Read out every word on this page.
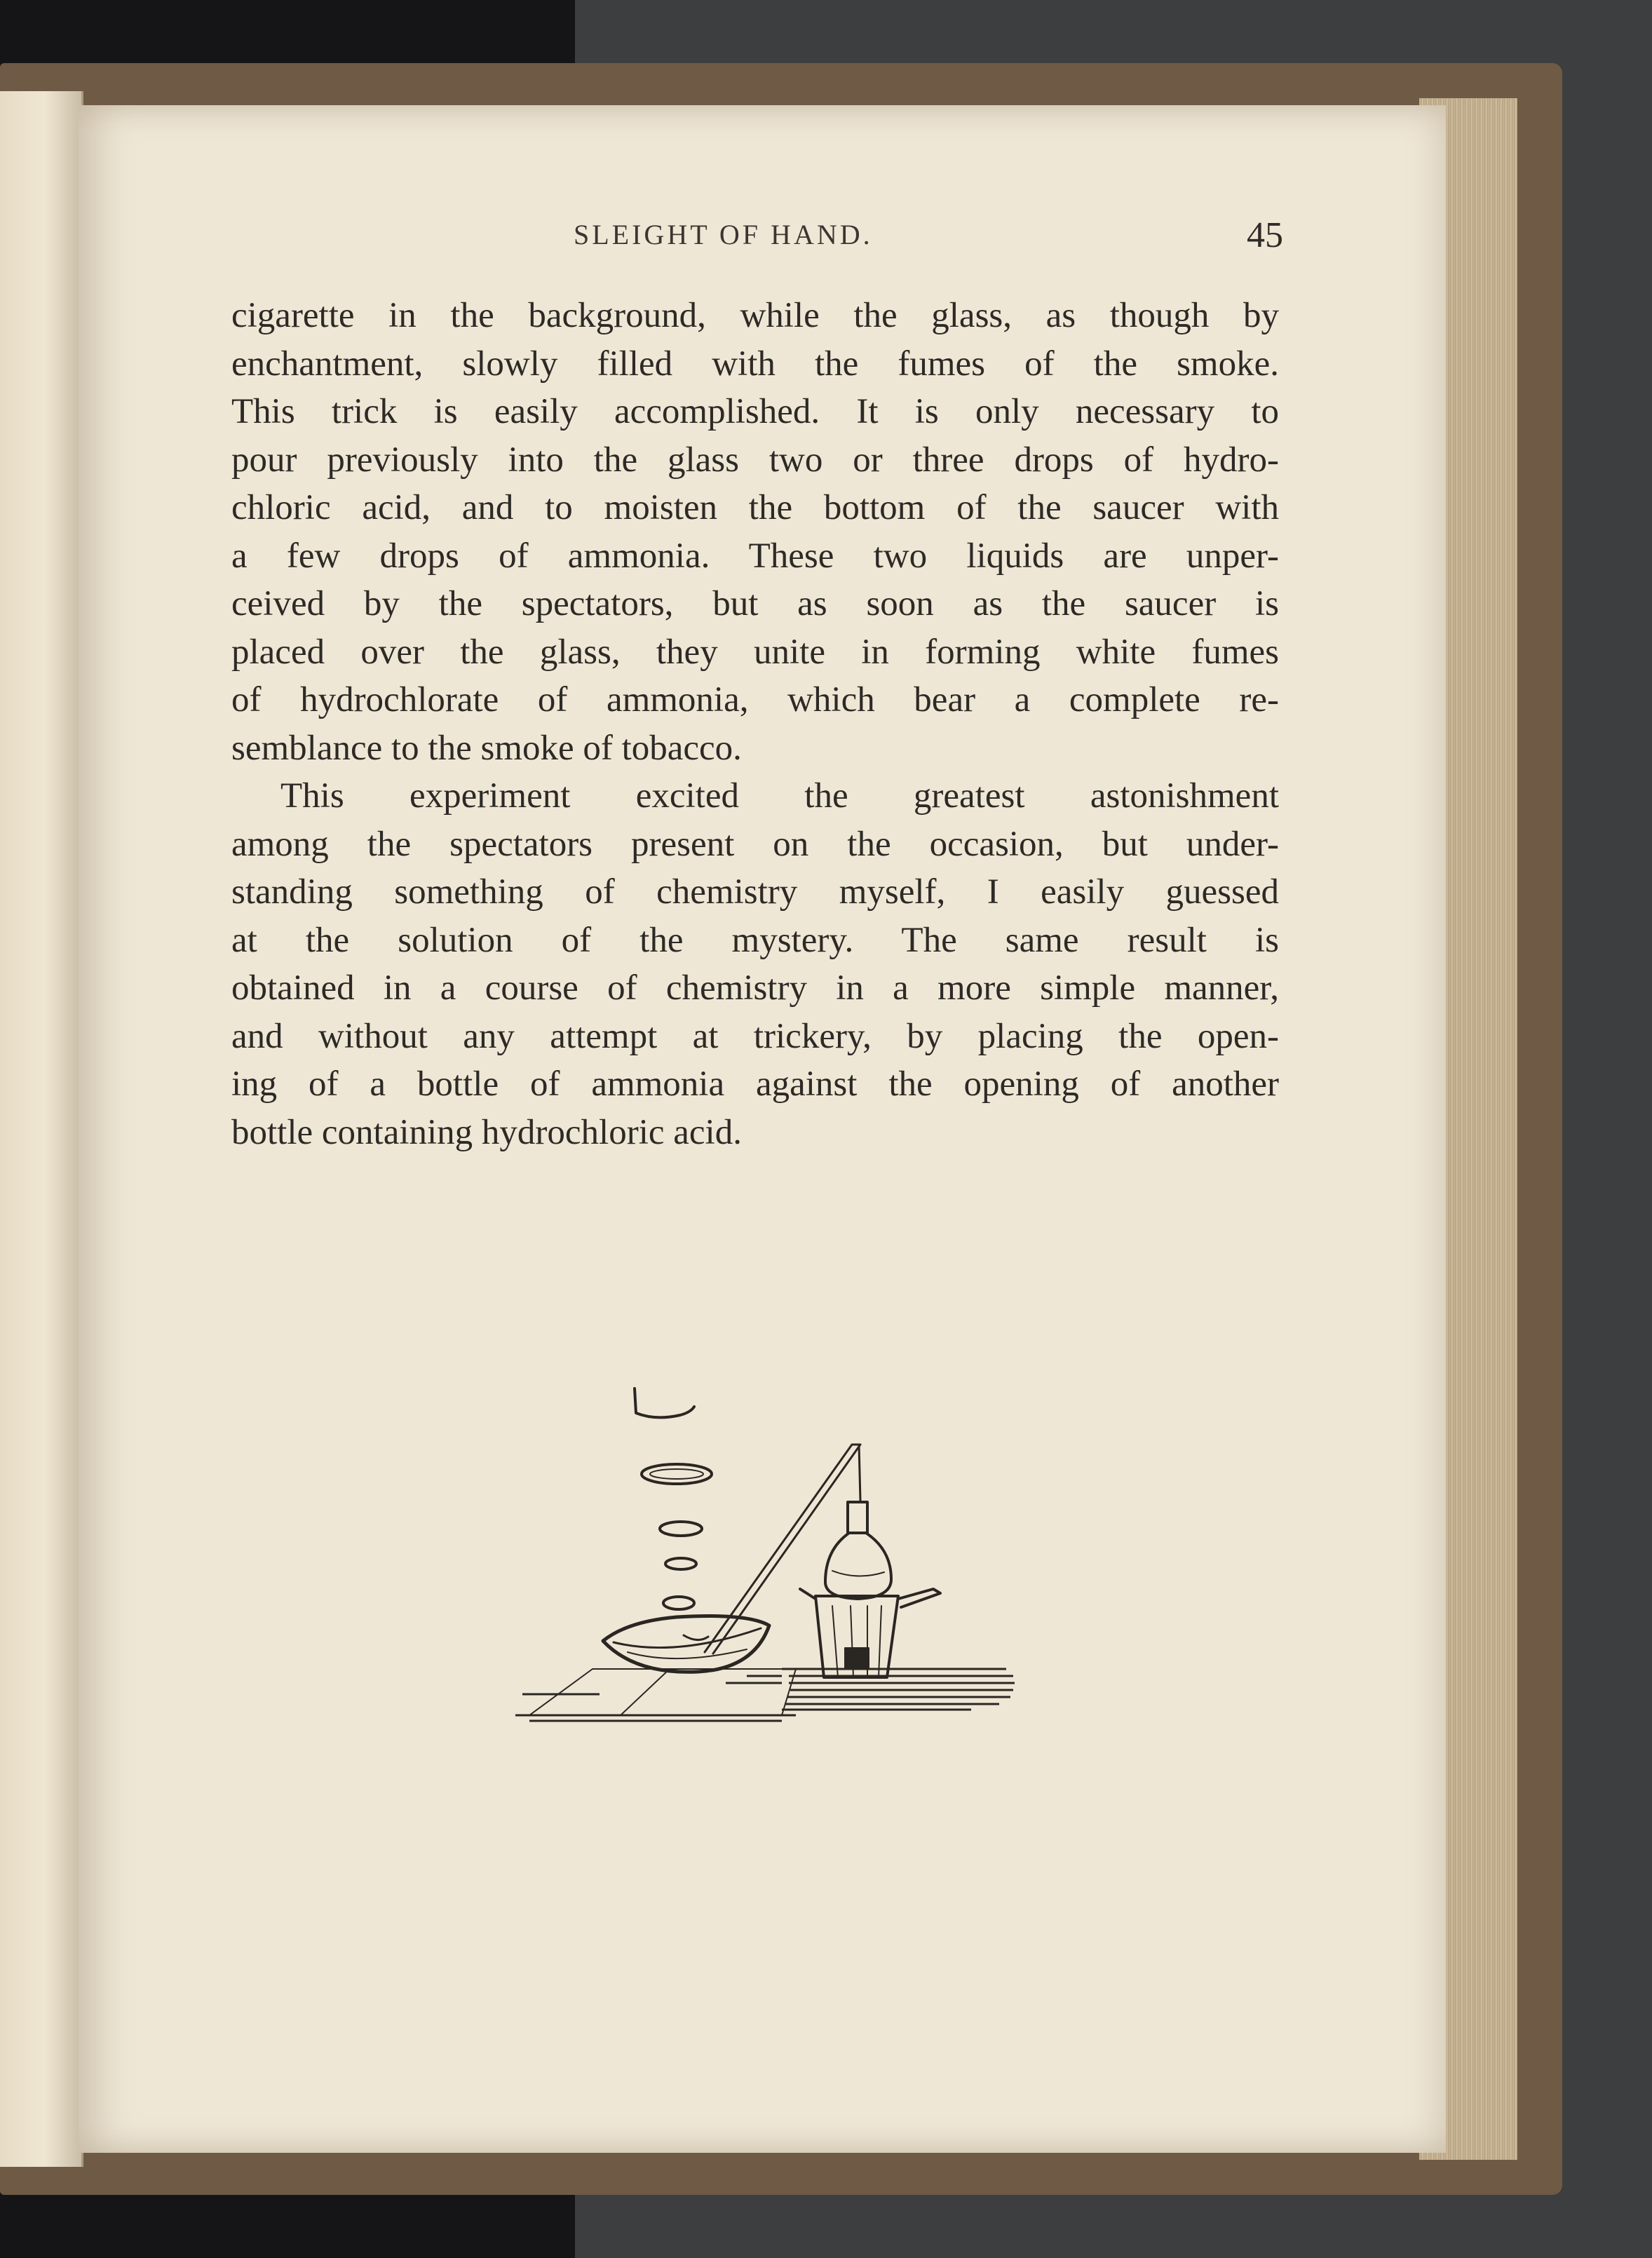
SLEIGHT OF HAND.	45
cigarette in the background, while the glass, as though by
enchantment, slowly filled with the fumes of the smoke.
This trick is easily accomplished. It is only necessary to
pour previously into the glass two or three drops of hydro-
chloric acid, and to moisten the bottom of the saucer with
a few drops of ammonia. These two liquids are unper-
ceived by the spectators, but as soon as the saucer is
placed over the glass, they unite in forming white fumes
of hydrochlorate of ammonia, which bear a complete re-
semblance to the smoke of tobacco.
This experiment excited the greatest astonishment
among the spectators present on the occasion, but under-
standing something of chemistry myself, I easily guessed
at the solution of the mystery. The same result is
obtained in a course of chemistry in a more simple manner,
and without any attempt at trickery, by placing the open-
ing of a bottle of ammonia against the opening of another
bottle containing hydrochloric acid.
